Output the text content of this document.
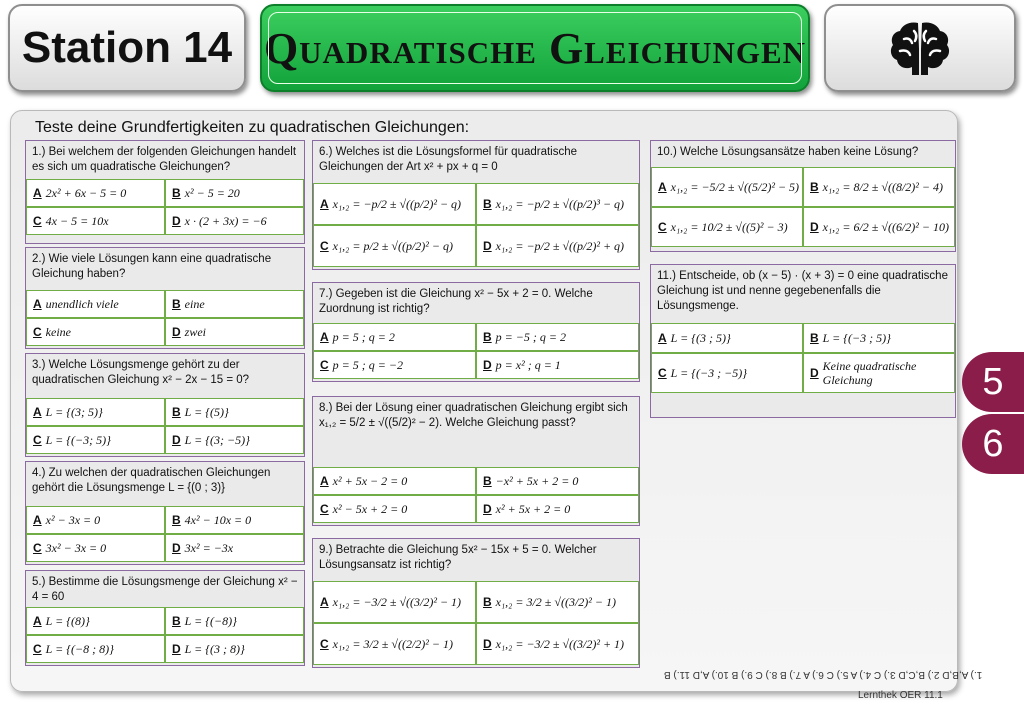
Station 14 Quadratische Gleichungen
Teste deine Grundfertigkeiten zu quadratischen Gleichungen:
1.) Bei welchem der folgenden Gleichungen handelt es sich um quadratische Gleichungen?
A 2x² + 6x − 5 = 0	B x² − 5 = 20
C 4x − 5 = 10x	D x · (2 + 3x) = −6
2.) Wie viele Lösungen kann eine quadratische Gleichung haben?
A unendlich viele	B eine
C keine	D zwei
3.) Welche Lösungsmenge gehört zu der quadratischen Gleichung x² − 2x − 15 = 0?
A L = {(3; 5)}	B L = {(5)}
C L = {(−3; 5)}	D L = {(3; −5)}
4.) Zu welchen der quadratischen Gleichungen gehört die Lösungsmenge L = {(0 ; 3)}
A x² − 3x = 0	B 4x² − 10x = 0
C 3x² − 3x = 0	D 3x² = −3x
5.) Bestimme die Lösungsmenge der Gleichung x² − 4 = 60
A L = {(8)}	B L = {(−8)}
C L = {(−8 ; 8)}	D L = {(3 ; 8)}
6.) Welches ist die Lösungsformel für quadratische Gleichungen der Art x² + px + q = 0
A x₁,₂ = −p/2 ± √((p/2)² − q) B x₁,₂ = −p/2 ± √((p/2)³ − q)
C x₁,₂ = p/2 ± √((p/2)² − q)	D x₁,₂ = −p/2 ± √((p/2)² + q)
7.) Gegeben ist die Gleichung x² − 5x + 2 = 0. Welche Zuordnung ist richtig?
A p = 5 ; q = 2	B p = −5 ; q = 2
C p = 5 ; q = −2	D p = x² ; q = 1
8.) Bei der Lösung einer quadratischen Gleichung ergibt sich x₁,₂ = 5/2 ± √((5/2)² − 2). Welche Gleichung passt?
A x² + 5x − 2 = 0	B −x² + 5x + 2 = 0
C x² − 5x + 2 = 0	D x² + 5x + 2 = 0
9.) Betrachte die Gleichung 5x² − 15x + 5 = 0. Welcher Lösungsansatz ist richtig?
A x₁,₂ = −3/2 ± √((3/2)² − 1) B x₁,₂ = 3/2 ± √((3/2)² − 1)
C x₁,₂ = 3/2 ± √((2/2)² − 1)	D x₁,₂ = −3/2 ± √((3/2)² + 1)
10.) Welche Lösungsansätze haben keine Lösung?
A x₁,₂ = −5/2 ± √((5/2)² − 5) B x₁,₂ = 8/2 ± √((8/2)² − 4)
C x₁,₂ = 10/2 ± √((5)² − 3) D x₁,₂ = 6/2 ± √((6/2)² − 10)
11.) Entscheide, ob (x − 5) · (x + 3) = 0 eine quadratische Gleichung ist und nenne gegebenenfalls die Lösungsmenge.
A L = {(3 ; 5)}	B L = {(−3 ; 5)}
C L = {(−3 ; −5)}	D Keine quadratische Gleichung	5
6
1.) A,B,D 2.) B,C,D 3.) C 4.) A 5.) C 6.) A 7.) B 8.) C 9.) B 10.) A,D 11.) B
Lernthek OER 11.1
